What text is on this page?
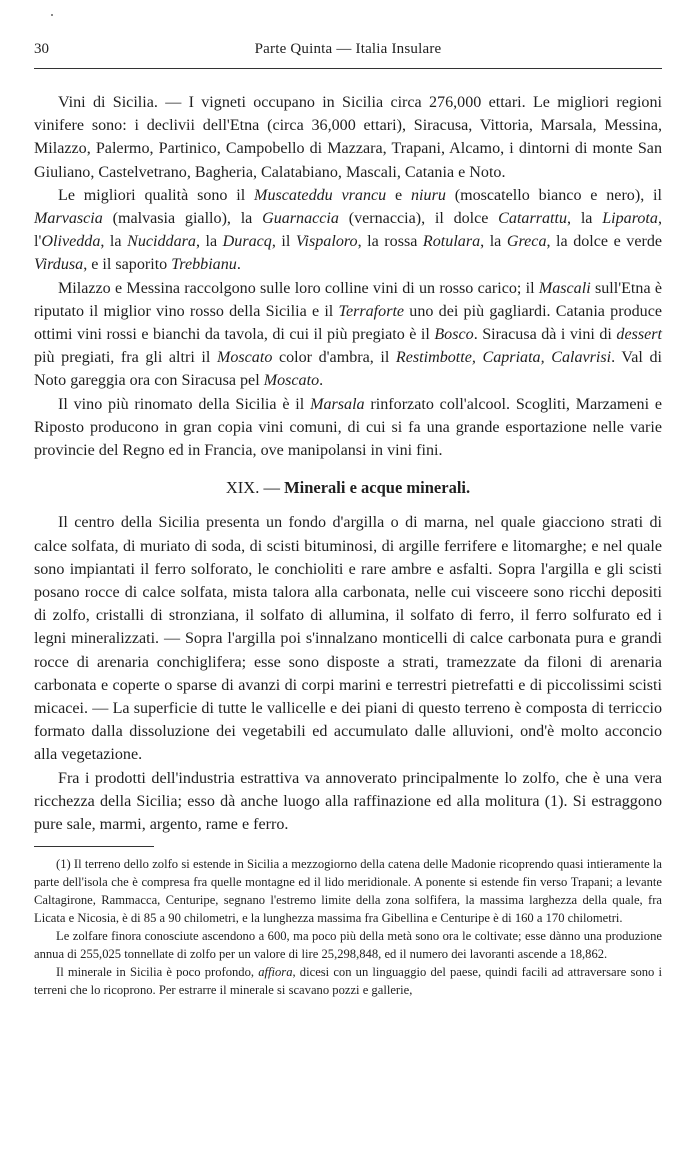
Parte Quinta — Italia Insulare
30

Vini di Sicilia. — I vigneti occupano in Sicilia circa 276,000 ettari. Le migliori regioni vinifere sono: i declivii dell'Etna (circa 36,000 ettari), Siracusa, Vittoria, Marsala, Messina, Milazzo, Palermo, Partinico, Campobello di Mazzara, Trapani, Alcamo, i dintorni di monte San Giuliano, Castelvetrano, Bagheria, Calatabiano, Mascali, Catania e Noto.

Le migliori qualità sono il Muscateddu vrancu e niuru (moscatello bianco e nero), il Marvascia (malvasia giallo), la Guarnaccia (vernaccia), il dolce Catarrattu, la Liparota, l'Olivedda, la Nuciddara, la Duracq, il Vispaloro, la rossa Rotulara, la Greca, la dolce e verde Virdusa, e il saporito Trebbianu.

Milazzo e Messina raccolgono sulle loro colline vini di un rosso carico; il Mascali sull'Etna è riputato il miglior vino rosso della Sicilia e il Terraforte uno dei più gagliardi. Catania produce ottimi vini rossi e bianchi da tavola, di cui il più pregiato è il Bosco. Siracusa dà i vini di dessert più pregiati, fra gli altri il Moscato color d'ambra, il Restimbotte, Capriata, Calavrisi. Val di Noto gareggia ora con Siracusa pel Moscato.

Il vino più rinomato della Sicilia è il Marsala rinforzato coll'alcool. Scogliti, Marzameni e Riposto producono in gran copia vini comuni, di cui si fa una grande esportazione nelle varie provincie del Regno ed in Francia, ove manipolansi in vini fini.

XIX. — Minerali e acque minerali.

Il centro della Sicilia presenta un fondo d'argilla o di marna, nel quale giacciono strati di calce solfata, di muriato di soda, di scisti bituminosi, di argille ferrifere e litomarghe; e nel quale sono impiantati il ferro solforato, le conchioliti e rare ambre e asfalti. Sopra l'argilla e gli scisti posano rocce di calce solfata, mista talora alla carbonata, nelle cui visceere sono ricchi depositi di zolfo, cristalli di stronziana, il solfato di allumina, il solfato di ferro, il ferro solfurato ed i legni mineralizzati. — Sopra l'argilla poi s'innalzano monticelli di calce carbonata pura e grandi rocce di arenaria conchiglifera; esse sono disposte a strati, tramezzate da filoni di arenaria carbonata e coperte o sparse di avanzi di corpi marini e terrestri pietrefatti e di piccolissimi scisti micacei. — La superficie di tutte le vallicelle e dei piani di questo terreno è composta di terriccio formato dalla dissoluzione dei vegetabili ed accumulato dalle alluvioni, ond'è molto acconcio alla vegetazione.

Fra i prodotti dell'industria estrattiva va annoverato principalmente lo zolfo, che è una vera ricchezza della Sicilia; esso dà anche luogo alla raffinazione ed alla molitura (1). Si estraggono pure sale, marmi, argento, rame e ferro.

(1) Il terreno dello zolfo si estende in Sicilia a mezzogiorno della catena delle Madonie ricoprendo quasi intieramente la parte dell'isola che è compresa fra quelle montagne ed il lido meridionale. A ponente si estende fin verso Trapani; a levante Caltagirone, Rammacca, Centuripe, segnano l'estremo limite della zona solfifera, la massima larghezza della quale, fra Licata e Nicosia, è di 85 a 90 chilometri, e la lunghezza massima fra Gibellina e Centuripe è di 160 a 170 chilometri.

Le zolfare finora conosciute ascendono a 600, ma poco più della metà sono ora le coltivate; esse dànno una produzione annua di 255,025 tonnellate di zolfo per un valore di lire 25,298,848, ed il numero dei lavoranti ascende a 18,862.

Il minerale in Sicilia è poco profondo, affiora, dicesi con un linguaggio del paese, quindi facili ad attraversare sono i terreni che lo ricoprono. Per estrarre il minerale si scavano pozzi e gallerie,
